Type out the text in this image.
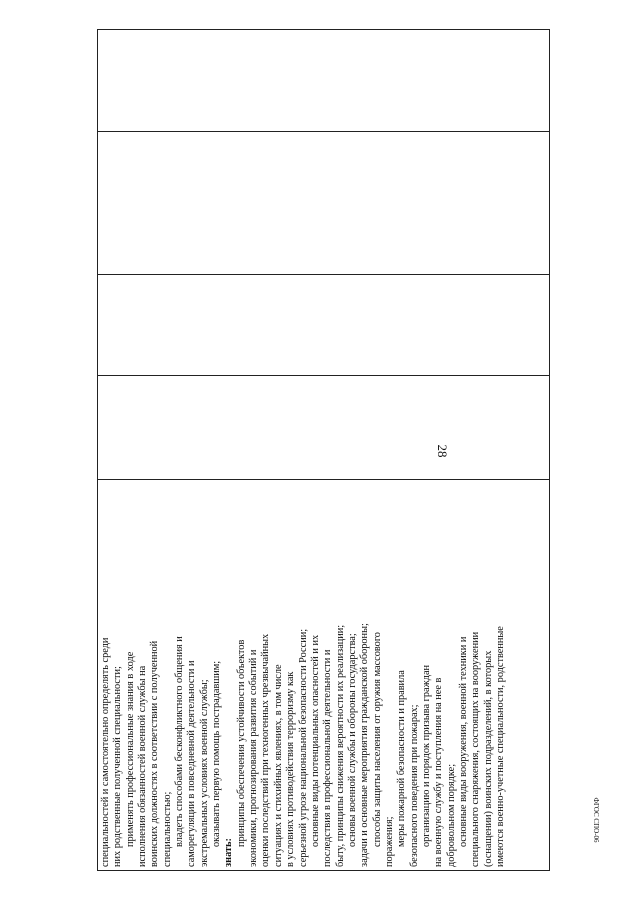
28
специальностей и самостоятельно определять среди них родственные полученной специальности; применять профессиональные знания в ходе исполнения обязанностей военной службы на воинских должностях в соответствии с полученной специальностью; владеть способами бесконфликтного общения и саморегуляции в повседневной деятельности и экстремальных условиях военной службы; оказывать первую помощь пострадавшим;
знать:
принципы обеспечения устойчивости объектов экономики, прогнозирования развития событий и оценки последствий при техногенных чрезвычайных ситуациях и стихийных явлениях, в том числе в условиях противодействия терроризму как серьезной угрозе национальной безопасности России; основные виды потенциальных опасностей и их последствия в профессиональной деятельности и быту, принципы снижения вероятности их реализации; основы военной службы и обороны государства; задачи и основные мероприятия гражданской обороны; способы защиты населения от оружия массового поражения; меры пожарной безопасности и правила безопасного поведения при пожарах; организацию и порядок призыва граждан на военную службу и поступления на нее в добровольном порядке; основные виды вооружения, военной техники и специального снаряжения, состоящих на вооружении (оснащении) воинских подразделений, в которых имеются военно-учетные специальности, родственные	ФГОС СПО-06
